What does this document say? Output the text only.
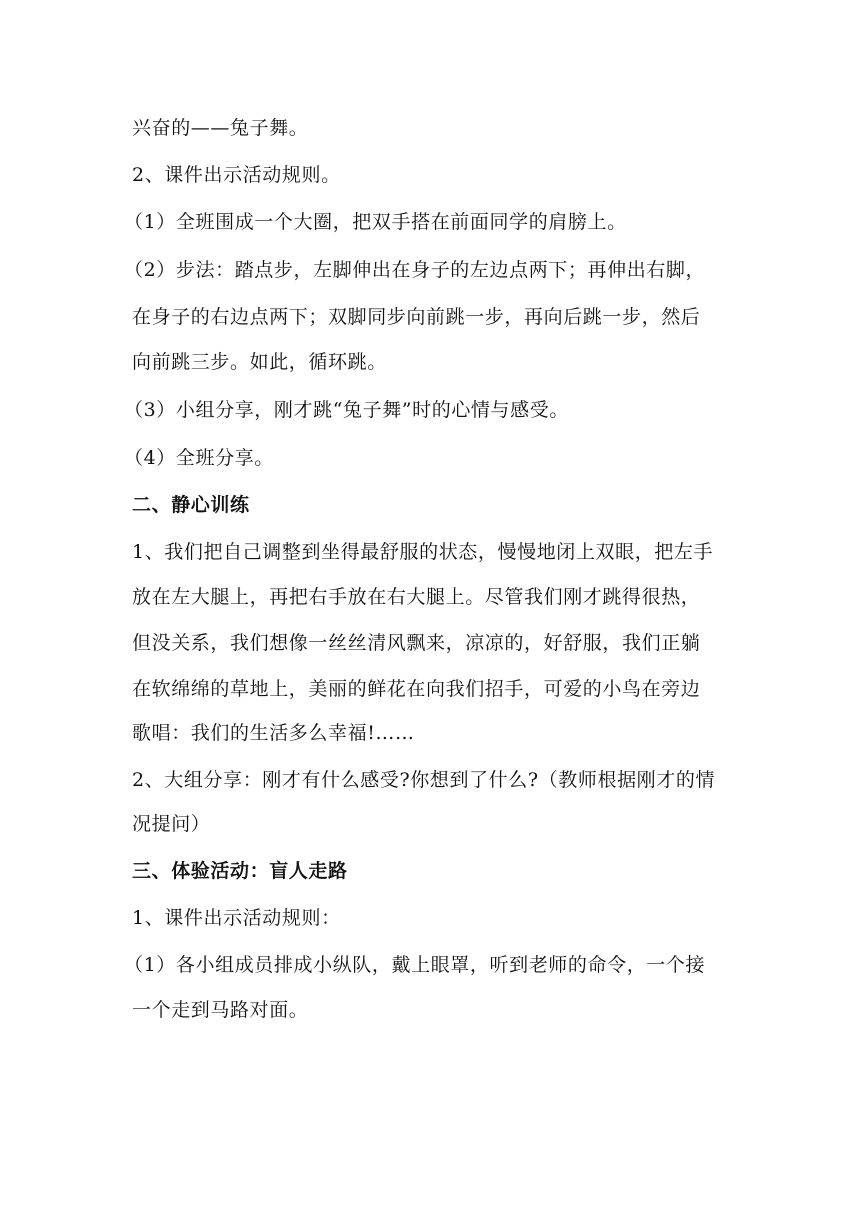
兴奋的——兔子舞。
2、课件出示活动规则。
（1）全班围成一个大圈，把双手搭在前面同学的肩膀上。
（2）步法：踏点步，左脚伸出在身子的左边点两下；再伸出右脚，
在身子的右边点两下；双脚同步向前跳一步，再向后跳一步，然后
向前跳三步。如此，循环跳。
（3）小组分享，刚才跳“兔子舞”时的心情与感受。
（4）全班分享。
二、静心训练
1、我们把自己调整到坐得最舒服的状态，慢慢地闭上双眼，把左手
放在左大腿上，再把右手放在右大腿上。尽管我们刚才跳得很热，
但没关系，我们想像一丝丝清风飘来，凉凉的，好舒服，我们正躺
在软绵绵的草地上，美丽的鲜花在向我们招手，可爱的小鸟在旁边
歌唱：我们的生活多么幸福!……
2、大组分享：刚才有什么感受?你想到了什么?（教师根据刚才的情
况提问）
三、体验活动：盲人走路
1、课件出示活动规则：
（1）各小组成员排成小纵队，戴上眼罩，听到老师的命令，一个接
一个走到马路对面。
